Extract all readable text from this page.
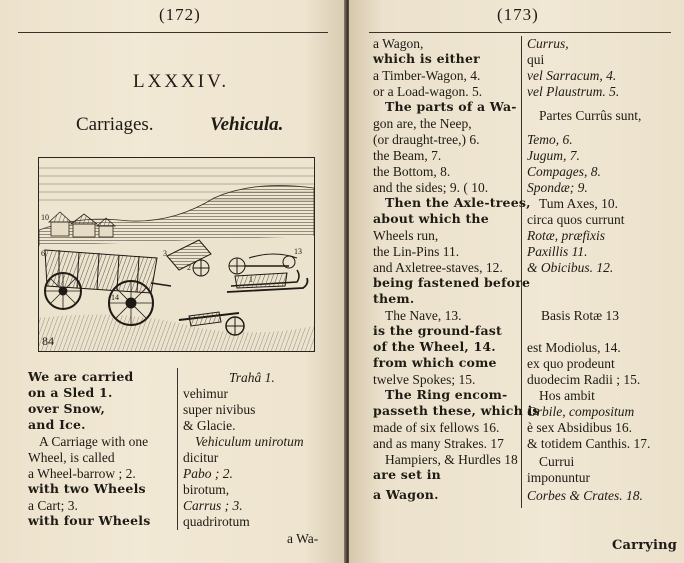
(172)
LXXXIV.
Carriages.	Vehicula.
10
6
14
3
2
13
1
84
We are carried
on a Sled 1.
over Snow,
and Ice.
A Carriage with one
Wheel, is called
a Wheel-barrow ; 2.
with two Wheels
a Cart; 3.
with four Wheels
Trahâ 1.
vehimur
super nivibus
& Glacie.
Vehiculum unirotum
dicitur
Pabo ; 2.
birotum,
Carrus ; 3.
quadrirotum
a Wa-
(173)
a Wagon,
which is either
a Timber-Wagon, 4.
or a Load-wagon. 5.
The parts of a Wa-
gon are, the Neep,
(or draught-tree,) 6.
the Beam, 7.
the Bottom, 8.
and the sides; 9. ( 10.
Then the Axle-trees,
about which the
Wheels run,
the Lin-Pins 11.
and Axletree-staves, 12.
being fastened before
them.
The Nave, 13.
is the ground-fast
of the Wheel, 14.
from which come
twelve Spokes; 15.
The Ring encom-
passeth these, which is
made of six fellows 16.
and as many Strakes. 17
Hampiers, & Hurdles 18
are set in
a Wagon.
Currus,
qui
vel Sarracum, 4.
vel Plaustrum. 5.
Partes Currûs sunt,
Temo, 6.
Jugum, 7.
Compages, 8.
Spondæ; 9.
Tum Axes, 10.
circa quos currunt
Rotæ, præfixis
Paxillis 11.
& Obicibus. 12.
Basis Rotæ 13
est Modiolus, 14.
ex quo prodeunt
duodecim Radii ; 15.
Hos ambit
Orbile, compositum
è sex Absidibus 16.
& totidem Canthis. 17.
Currui
imponuntur
Corbes & Crates. 18.
Carrying
